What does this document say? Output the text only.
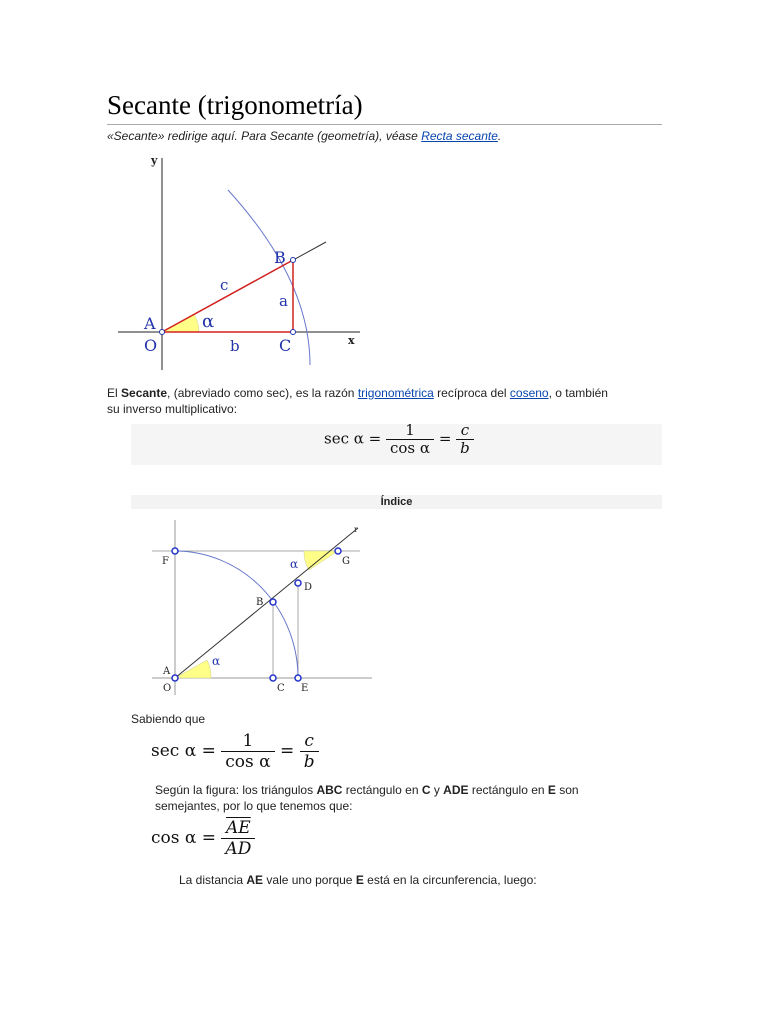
Secante (trigonometría)
«Secante» redirige aquí. Para Secante (geometría), véase Recta secante.
y
x
B
c
a
A	α
O	b C
El Secante, (abreviado como sec), es la razón trigonométrica recíproca del coseno, o también
su inverso multiplicativo:
$\sec \alpha = \frac{1}{\text{cos α}} = \frac{c}{b}$
Índice
r
F	G
α
D
B
A
α
O	C E
Sabiendo que
$\sec \alpha = \frac{1}{\text{cos α}} = \frac{c}{b}$
Según la figura: los triángulos ABC rectángulo en C y ADE rectángulo en E son
semejantes, por lo que tenemos que:
$\cos \alpha = \frac{\overline{AE}}{AD}$
La distancia AE vale uno porque E está en la circunferencia, luego:
